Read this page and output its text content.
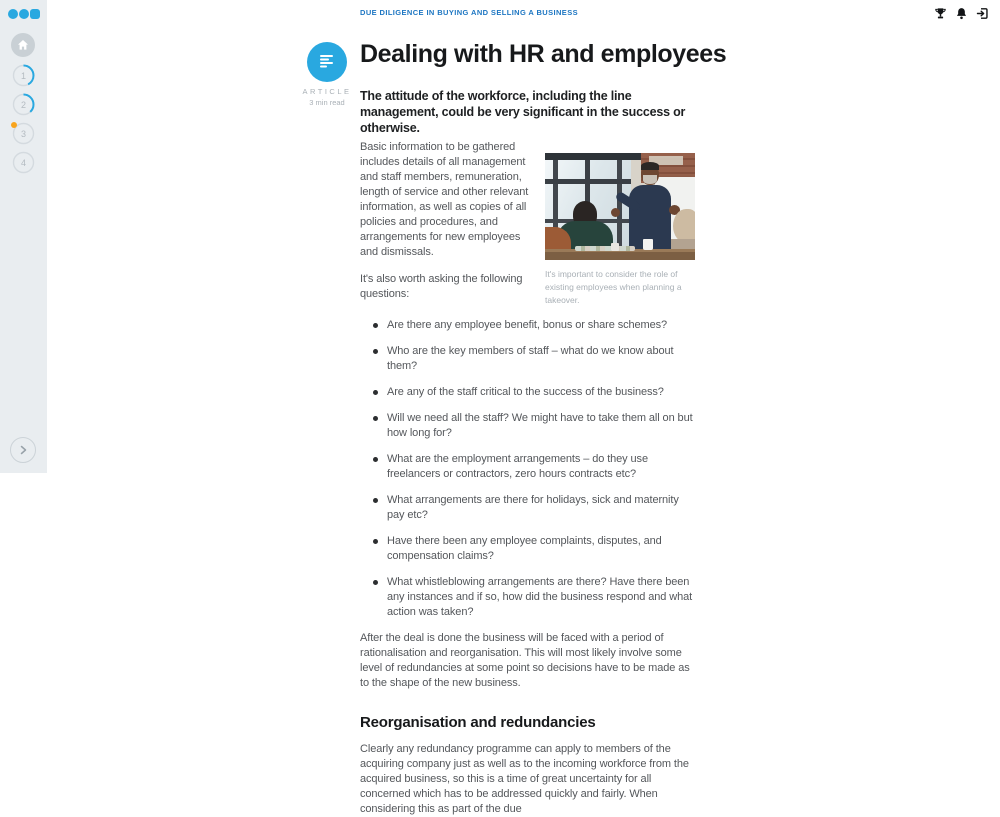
1
2
3
4
DUE DILIGENCE IN BUYING AND SELLING A BUSINESS
ARTICLE
3 min read
Dealing with HR and employees

The attitude of the workforce, including the line management, could be very significant in the success or otherwise.

It's important to consider the role of existing employees when planning a takeover.

Basic information to be gathered includes details of all management and staff members, remuneration, length of service and other relevant information, as well as copies of all policies and procedures, and arrangements for new employees and dismissals.

It's also worth asking the following questions:

Are there any employee benefit, bonus or share schemes?
Who are the key members of staff – what do we know about them?
Are any of the staff critical to the success of the business?
Will we need all the staff? We might have to take them all on but how long for?
What are the employment arrangements – do they use freelancers or contractors, zero hours contracts etc?
What arrangements are there for holidays, sick and maternity pay etc?
Have there been any employee complaints, disputes, and compensation claims?
What whistleblowing arrangements are there? Have there been any instances and if so, how did the business respond and what action was taken?

After the deal is done the business will be faced with a period of rationalisation and reorganisation. This will most likely involve some level of redundancies at some point so decisions have to be made as to the shape of the new business.

Reorganisation and redundancies

Clearly any redundancy programme can apply to members of the acquiring company just as well as to the incoming workforce from the acquired business, so this is a time of great uncertainty for all concerned which has to be addressed quickly and fairly. When considering this as part of the due
